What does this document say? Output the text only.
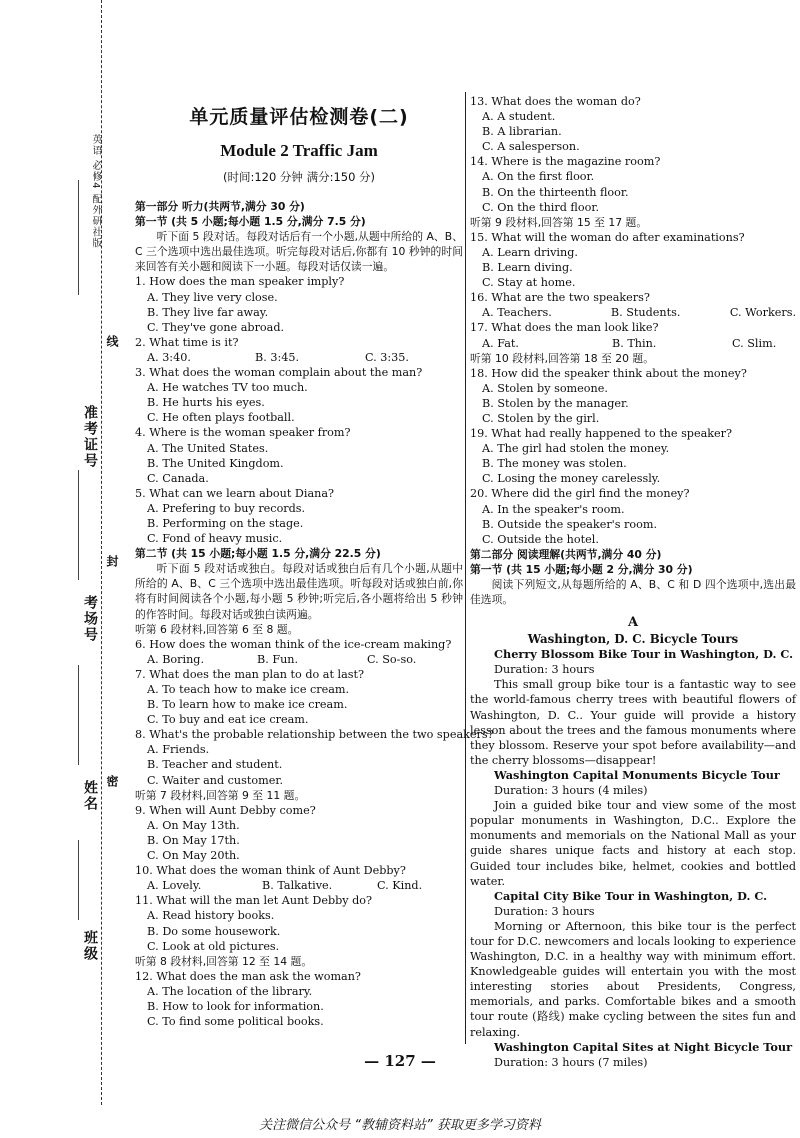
英语 必修4 配外研社版
准考证号
考场号
姓名
班级
线
封
密
单元质量评估检测卷(二)
Module 2 Traffic Jam
(时间:120 分钟 满分:150 分)
第一部分 听力(共两节,满分 30 分)
第一节 (共 5 小题;每小题 1.5 分,满分 7.5 分)
听下面 5 段对话。每段对话后有一个小题,从题中所给的 A、B、C 三个选项中选出最佳选项。听完每段对话后,你都有 10 秒钟的时间来回答有关小题和阅读下一小题。每段对话仅读一遍。
1. How does the man speaker imply?
A. They live very close.
B. They live far away.
C. They've gone abroad.
2. What time is it?
A. 3:40.	B. 3:45.	C. 3:35.
3. What does the woman complain about the man?
A. He watches TV too much.
B. He hurts his eyes.
C. He often plays football.
4. Where is the woman speaker from?
A. The United States.
B. The United Kingdom.
C. Canada.
5. What can we learn about Diana?
A. Prefering to buy records.
B. Performing on the stage.
C. Fond of heavy music.
第二节 (共 15 小题;每小题 1.5 分,满分 22.5 分)
听下面 5 段对话或独白。每段对话或独白后有几个小题,从题中所给的 A、B、C 三个选项中选出最佳选项。听每段对话或独白前,你将有时间阅读各个小题,每小题 5 秒钟;听完后,各小题将给出 5 秒钟的作答时间。每段对话或独白读两遍。
听第 6 段材料,回答第 6 至 8 题。
6. How does the woman think of the ice-cream making?
A. Boring.	B. Fun.	C. So-so.
7. What does the man plan to do at last?
A. To teach how to make ice cream.
B. To learn how to make ice cream.
C. To buy and eat ice cream.
8. What's the probable relationship between the two speakers?
A. Friends.
B. Teacher and student.
C. Waiter and customer.
听第 7 段材料,回答第 9 至 11 题。
9. When will Aunt Debby come?
A. On May 13th.
B. On May 17th.
C. On May 20th.
10. What does the woman think of Aunt Debby?
A. Lovely.	B. Talkative.	C. Kind.
11. What will the man let Aunt Debby do?
A. Read history books.
B. Do some housework.
C. Look at old pictures.
听第 8 段材料,回答第 12 至 14 题。
12. What does the man ask the woman?
A. The location of the library.
B. How to look for information.
C. To find some political books.
13. What does the woman do?
A. A student.
B. A librarian.
C. A salesperson.
14. Where is the magazine room?
A. On the first floor.
B. On the thirteenth floor.
C. On the third floor.
听第 9 段材料,回答第 15 至 17 题。
15. What will the woman do after examinations?
A. Learn driving.
B. Learn diving.
C. Stay at home.
16. What are the two speakers?
A. Teachers.	B. Students.	C. Workers.
17. What does the man look like?
A. Fat.	B. Thin.	C. Slim.
听第 10 段材料,回答第 18 至 20 题。
18. How did the speaker think about the money?
A. Stolen by someone.
B. Stolen by the manager.
C. Stolen by the girl.
19. What had really happened to the speaker?
A. The girl had stolen the money.
B. The money was stolen.
C. Losing the money carelessly.
20. Where did the girl find the money?
A. In the speaker's room.
B. Outside the speaker's room.
C. Outside the hotel.
第二部分 阅读理解(共两节,满分 40 分)
第一节 (共 15 小题;每小题 2 分,满分 30 分)
阅读下列短文,从每题所给的 A、B、C 和 D 四个选项中,选出最佳选项。
A
Washington, D. C. Bicycle Tours
Cherry Blossom Bike Tour in Washington, D. C.
Duration: 3 hours
This small group bike tour is a fantastic way to see the world-famous cherry trees with beautiful flowers of Washington, D. C.. Your guide will provide a history lesson about the trees and the famous monuments where they blossom. Reserve your spot before availability—and the cherry blossoms—disappear!
Washington Capital Monuments Bicycle Tour
Duration: 3 hours (4 miles)
Join a guided bike tour and view some of the most popular monuments in Washington, D.C.. Explore the monuments and memorials on the National Mall as your guide shares unique facts and history at each stop. Guided tour includes bike, helmet, cookies and bottled water.
Capital City Bike Tour in Washington, D. C.
Duration: 3 hours
Morning or Afternoon, this bike tour is the perfect tour for D.C. newcomers and locals looking to experience Washington, D.C. in a healthy way with minimum effort. Knowledgeable guides will entertain you with the most interesting stories about Presidents, Congress, memorials, and parks. Comfortable bikes and a smooth tour route (路线) make cycling between the sites fun and relaxing.
Washington Capital Sites at Night Bicycle Tour
Duration: 3 hours (7 miles)
— 127 —
关注微信公众号 “教辅资料站” 获取更多学习资料
